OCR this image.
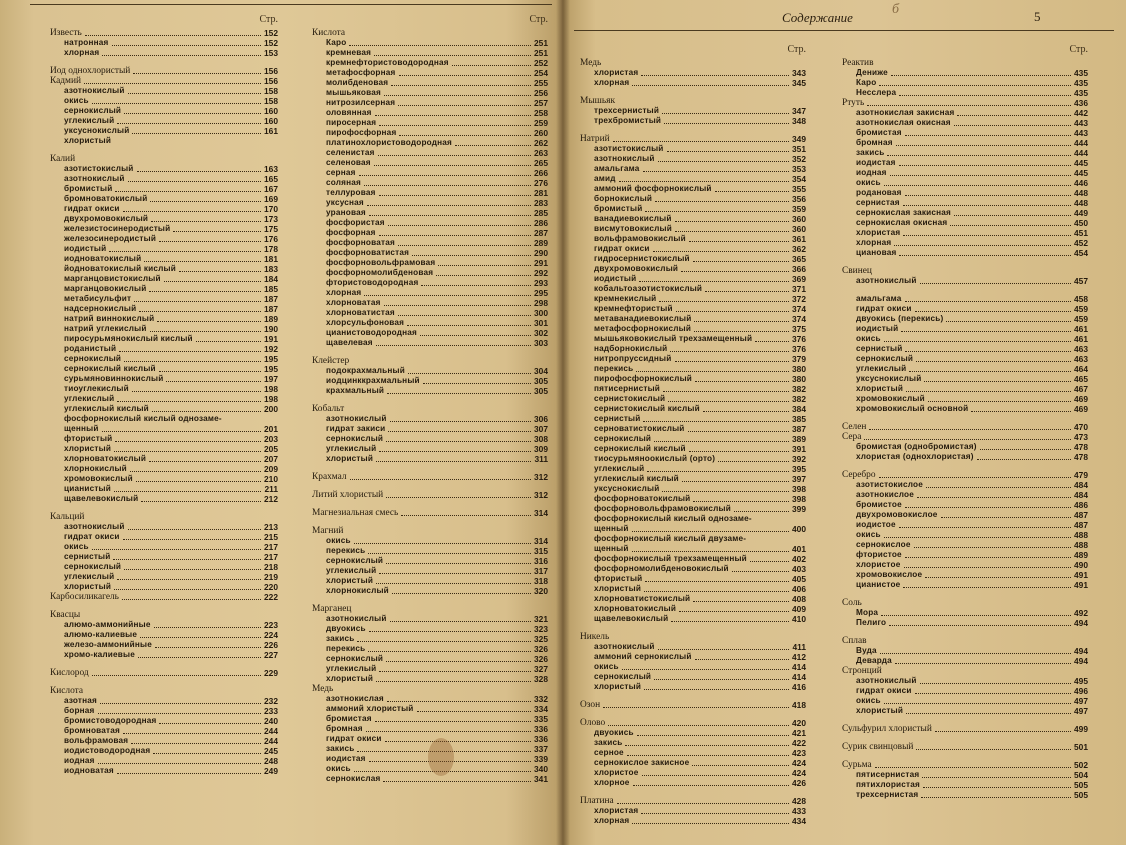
Стр.
Известь	152
натронная	152
хлорная	153
Иод однохлористый	156
Кадмий	156
азотнокислый	158
окись	158
сернокислый	160
углекислый	160
уксуснокислый	161
хлористый
Калий
азотистокислый	163
азотнокислый	165
бромистый	167
бромноватокислый	169
гидрат окиси	170
двухромовокислый	173
железистосинеродистый	175
железосинеродистый	176
иодистый	178
иодноватокислый	181
йодноватокислый кислый	183
марганцовистокислый	184
марганцовокислый	185
метабисульфит	187
надсернокислый	187
натрий виннокислый	189
натрий углекислый	190
пиросурьмянокислый кислый	191
роданистый	192
сернокислый	195
сернокислый кислый	195
сурьмяновиннокислый	197
тиоуглекислый	198
углекислый	198
углекислый кислый	200
фосфорнокислый кислый однозаме-
щенный	201
фтористый	203
хлористый	205
хлорноватокислый	207
хлорнокислый	209
хромовокислый	210
цианистый	211
щавелевокислый	212
Кальций
азотнокислый	213
гидрат окиси	215
окись	217
сернистый	217
сернокислый	218
углекислый	219
хлористый	220
Карбосиликагель	222
Квасцы
алюмо-аммонийные	223
алюмо-калиевые	224
железо-аммонийные	226
хромо-калиевые	227
Кислород	229
Кислота
азотная	232
борная	233
бромистоводородная	240
бромноватая	244
вольфрамовая	244
иодистоводородная	245
иодная	248
иодноватая	249
Стр.
Кислота
Каро	251
кремневая	251
кремнефтористоводородная	252
метафосфорная	254
молибденовая	255
мышьяковая	256
нитрозилсерная	257
оловянная	258
пиросерная	259
пирофосфорная	260
платинохлористоводородная	262
селенистая	263
селеновая	265
серная	266
соляная	276
теллуровая	281
уксусная	283
урановая	285
фосфористая	286
фосфорная	287
фосфорноватая	289
фосфорноватистая	290
фосфорновольфрамовая	291
фосфорномолибденовая	292
фтористоводородная	293
хлорная	295
хлорноватая	298
хлорноватистая	300
хлорсульфоновая	301
цианистоводородная	302
щавелевая	303
Клейстер
подокрахмальный	304
иодцинккрахмальный	305
крахмальный	305
Кобальт
азотнокислый	306
гидрат закиси	307
сернокислый	308
углекислый	309
хлористый	311
Крахмал	312
Литий хлористый	312
Магнезиальная смесь	314
Магний
окись	314
перекись	315
сернокислый	316
углекислый	317
хлористый	318
хлорнокислый	320
Марганец
азотнокислый	321
двуокись	323
закись	325
перекись	326
сернокислый	326
углекислый	327
хлористый	328
Медь
азотнокислая	332
аммоний хлористый	334
бромистая	335
бромная	336
гидрат окиси	336
закись	337
иодистая	339
окись	340
сернокислая	341
Содержание
б	5
Стр.
Медь
хлористая	343
хлорная	345
Мышьяк
трехсернистый	347
трехбромистый	348
Натрий	349
азотистокислый	351
азотнокислый	352
амальгама	353
амид	354
аммоний фосфорнокислый	355
борнокислый	356
бромистый	359
ванадиевокислый	360
висмутовокислый	360
вольфрамовокислый	361
гидрат окиси	362
гидросернистокислый	365
двухромовокислый	366
иодистый	369
кобальтоазотистокислый	371
кремнекислый	372
кремнефтористый	374
метаванадиевокислый	374
метафосфорнокислый	375
мышьяковокислый трехзамещенный	376
надборнокислый	376
нитропруссидный	379
перекись	380
пирофосфорнокислый	380
пятисернистый	382
сернистокислый	382
сернистокислый кислый	384
сернистый	385
серноватистокислый	387
сернокислый	389
сернокислый кислый	391
тиосурьмяноокислый (орто)	392
углекислый	395
углекислый кислый	397
уксуснокислый	398
фосфорноватокислый	398
фосфорновольфрамовокислый	399
фосфорнокислый кислый однозаме-
щенный	400
фосфорнокислый кислый двузаме-
щенный	401
фосфорнокислый трехзамещенный	402
фосфорномолибденовокислый	403
фтористый	405
хлористый	406
хлорноватистокислый	408
хлорноватокислый	409
щавелевокислый	410
Никель
азотнокислый	411
аммоний сернокислый	412
окись	414
сернокислый	414
хлористый	416
Озон	418
Олово	420
двуокись	421
закись	422
серное	423
сернокислое закисное	424
хлористое	424
хлорное	426
Платина	428
хлористая	433
хлорная	434
Стр.
Реактив
Дениже	435
Каро	435
Несслера	435
Ртуть	436
азотнокислая закисная	442
азотнокислая окисная	443
бромистая	443
бромная	444
закись	444
иодистая	445
иодная	445
окись	446
родановая	448
сернистая	448
сернокислая закисная	449
сернокислая окисная	450
хлористая	451
хлорная	452
циановая	454
Свинец
азотнокислый	457
амальгама	458
гидрат окиси	459
двуокись (перекись)	459
иодистый	461
окись	461
сернистый	463
сернокислый	463
углекислый	464
уксуснокислый	465
хлористый	467
хромовокислый	469
хромовокислый основной	469
Селен	470
Сера	473
бромистая (однобромистая)	478
хлористая (однохлористая)	478
Серебро	479
азотистокислое	484
азотнокислое	484
бромистое	486
двухромовокислое	487
иодистое	487
окись	488
сернокислое	488
фтористое	489
хлористое	490
хромовокислое	491
цианистое	491
Соль
Мора	492
Пелиго	494
Сплав
Вуда	494
Деварда	494
Стронций
азотнокислый	495
гидрат окиси	496
окись	497
хлористый	497
Сульфурил хлористый	499
Сурик свинцовый	501
Сурьма	502
пятисернистая	504
пятихлористая	505
трехсернистая	505
